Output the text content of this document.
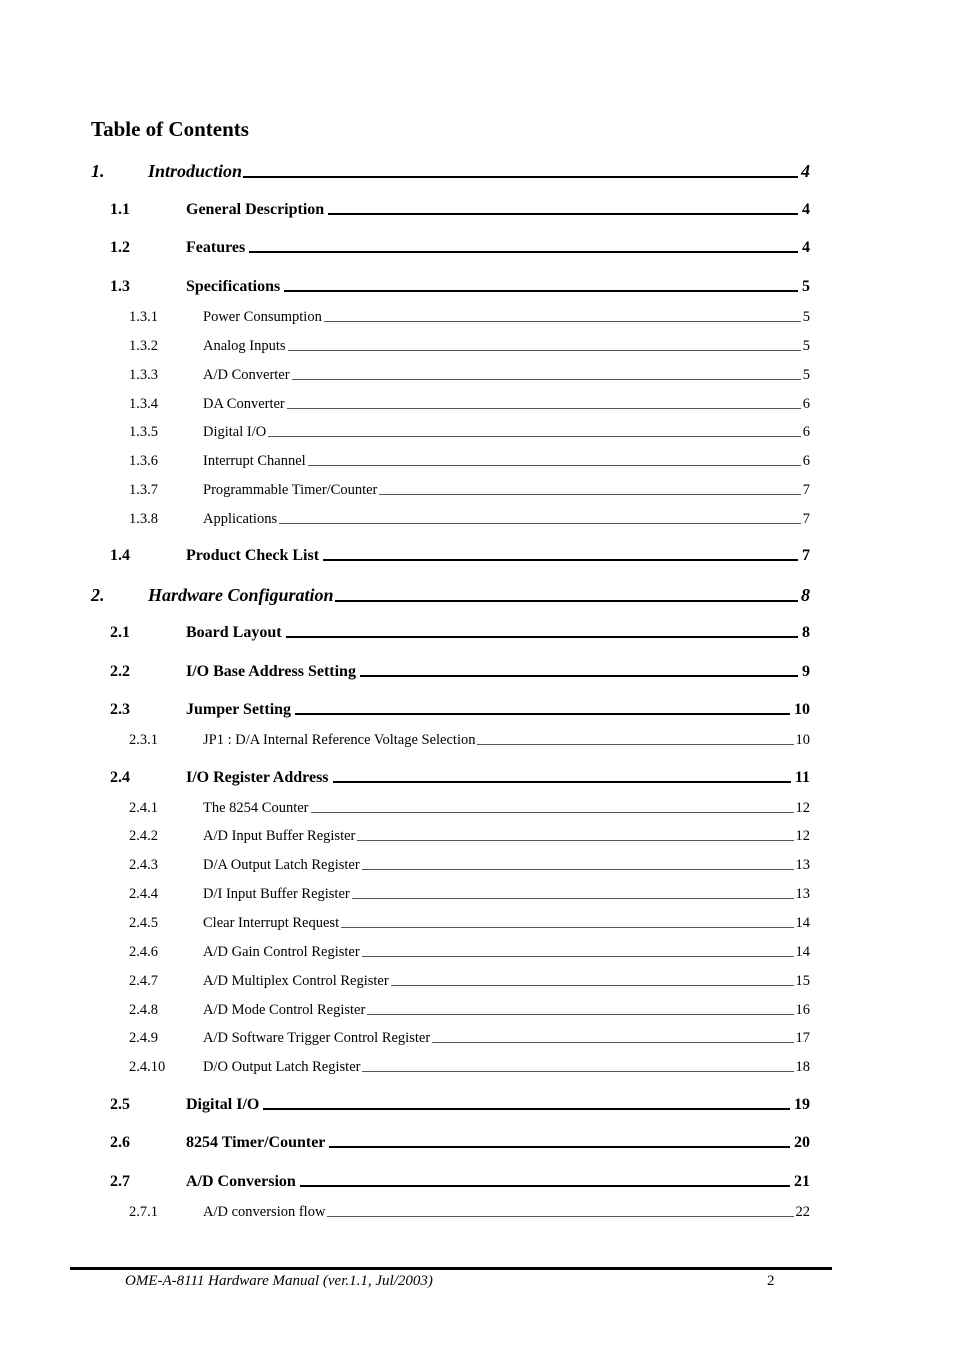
Table of Contents
1.	Introduction	4
1.1	General Description	4
1.2	Features	4
1.3	Specifications	5
1.3.1	Power Consumption	5
1.3.2	Analog Inputs	5
1.3.3	A/D Converter	5
1.3.4	DA Converter	6
1.3.5	Digital I/O	6
1.3.6	Interrupt Channel	6
1.3.7	Programmable Timer/Counter	7
1.3.8	Applications	7
1.4	Product Check List	7
2.	Hardware Configuration	8
2.1	Board Layout	8
2.2	I/O Base Address Setting	9
2.3	Jumper Setting	10
2.3.1	JP1 : D/A Internal Reference Voltage Selection	10
2.4	I/O Register Address	11
2.4.1	The 8254 Counter	12
2.4.2	A/D Input Buffer Register	12
2.4.3	D/A Output Latch Register	13
2.4.4	D/I Input Buffer Register	13
2.4.5	Clear Interrupt Request	14
2.4.6	A/D Gain Control Register	14
2.4.7	A/D Multiplex Control Register	15
2.4.8	A/D Mode Control Register	16
2.4.9	A/D Software Trigger Control Register	17
2.4.10	D/O Output Latch Register	18
2.5	Digital I/O	19
2.6	8254 Timer/Counter	20
2.7	A/D Conversion	21
2.7.1	A/D conversion flow	22
OME-A-8111 Hardware Manual (ver.1.1, Jul/2003)	2
